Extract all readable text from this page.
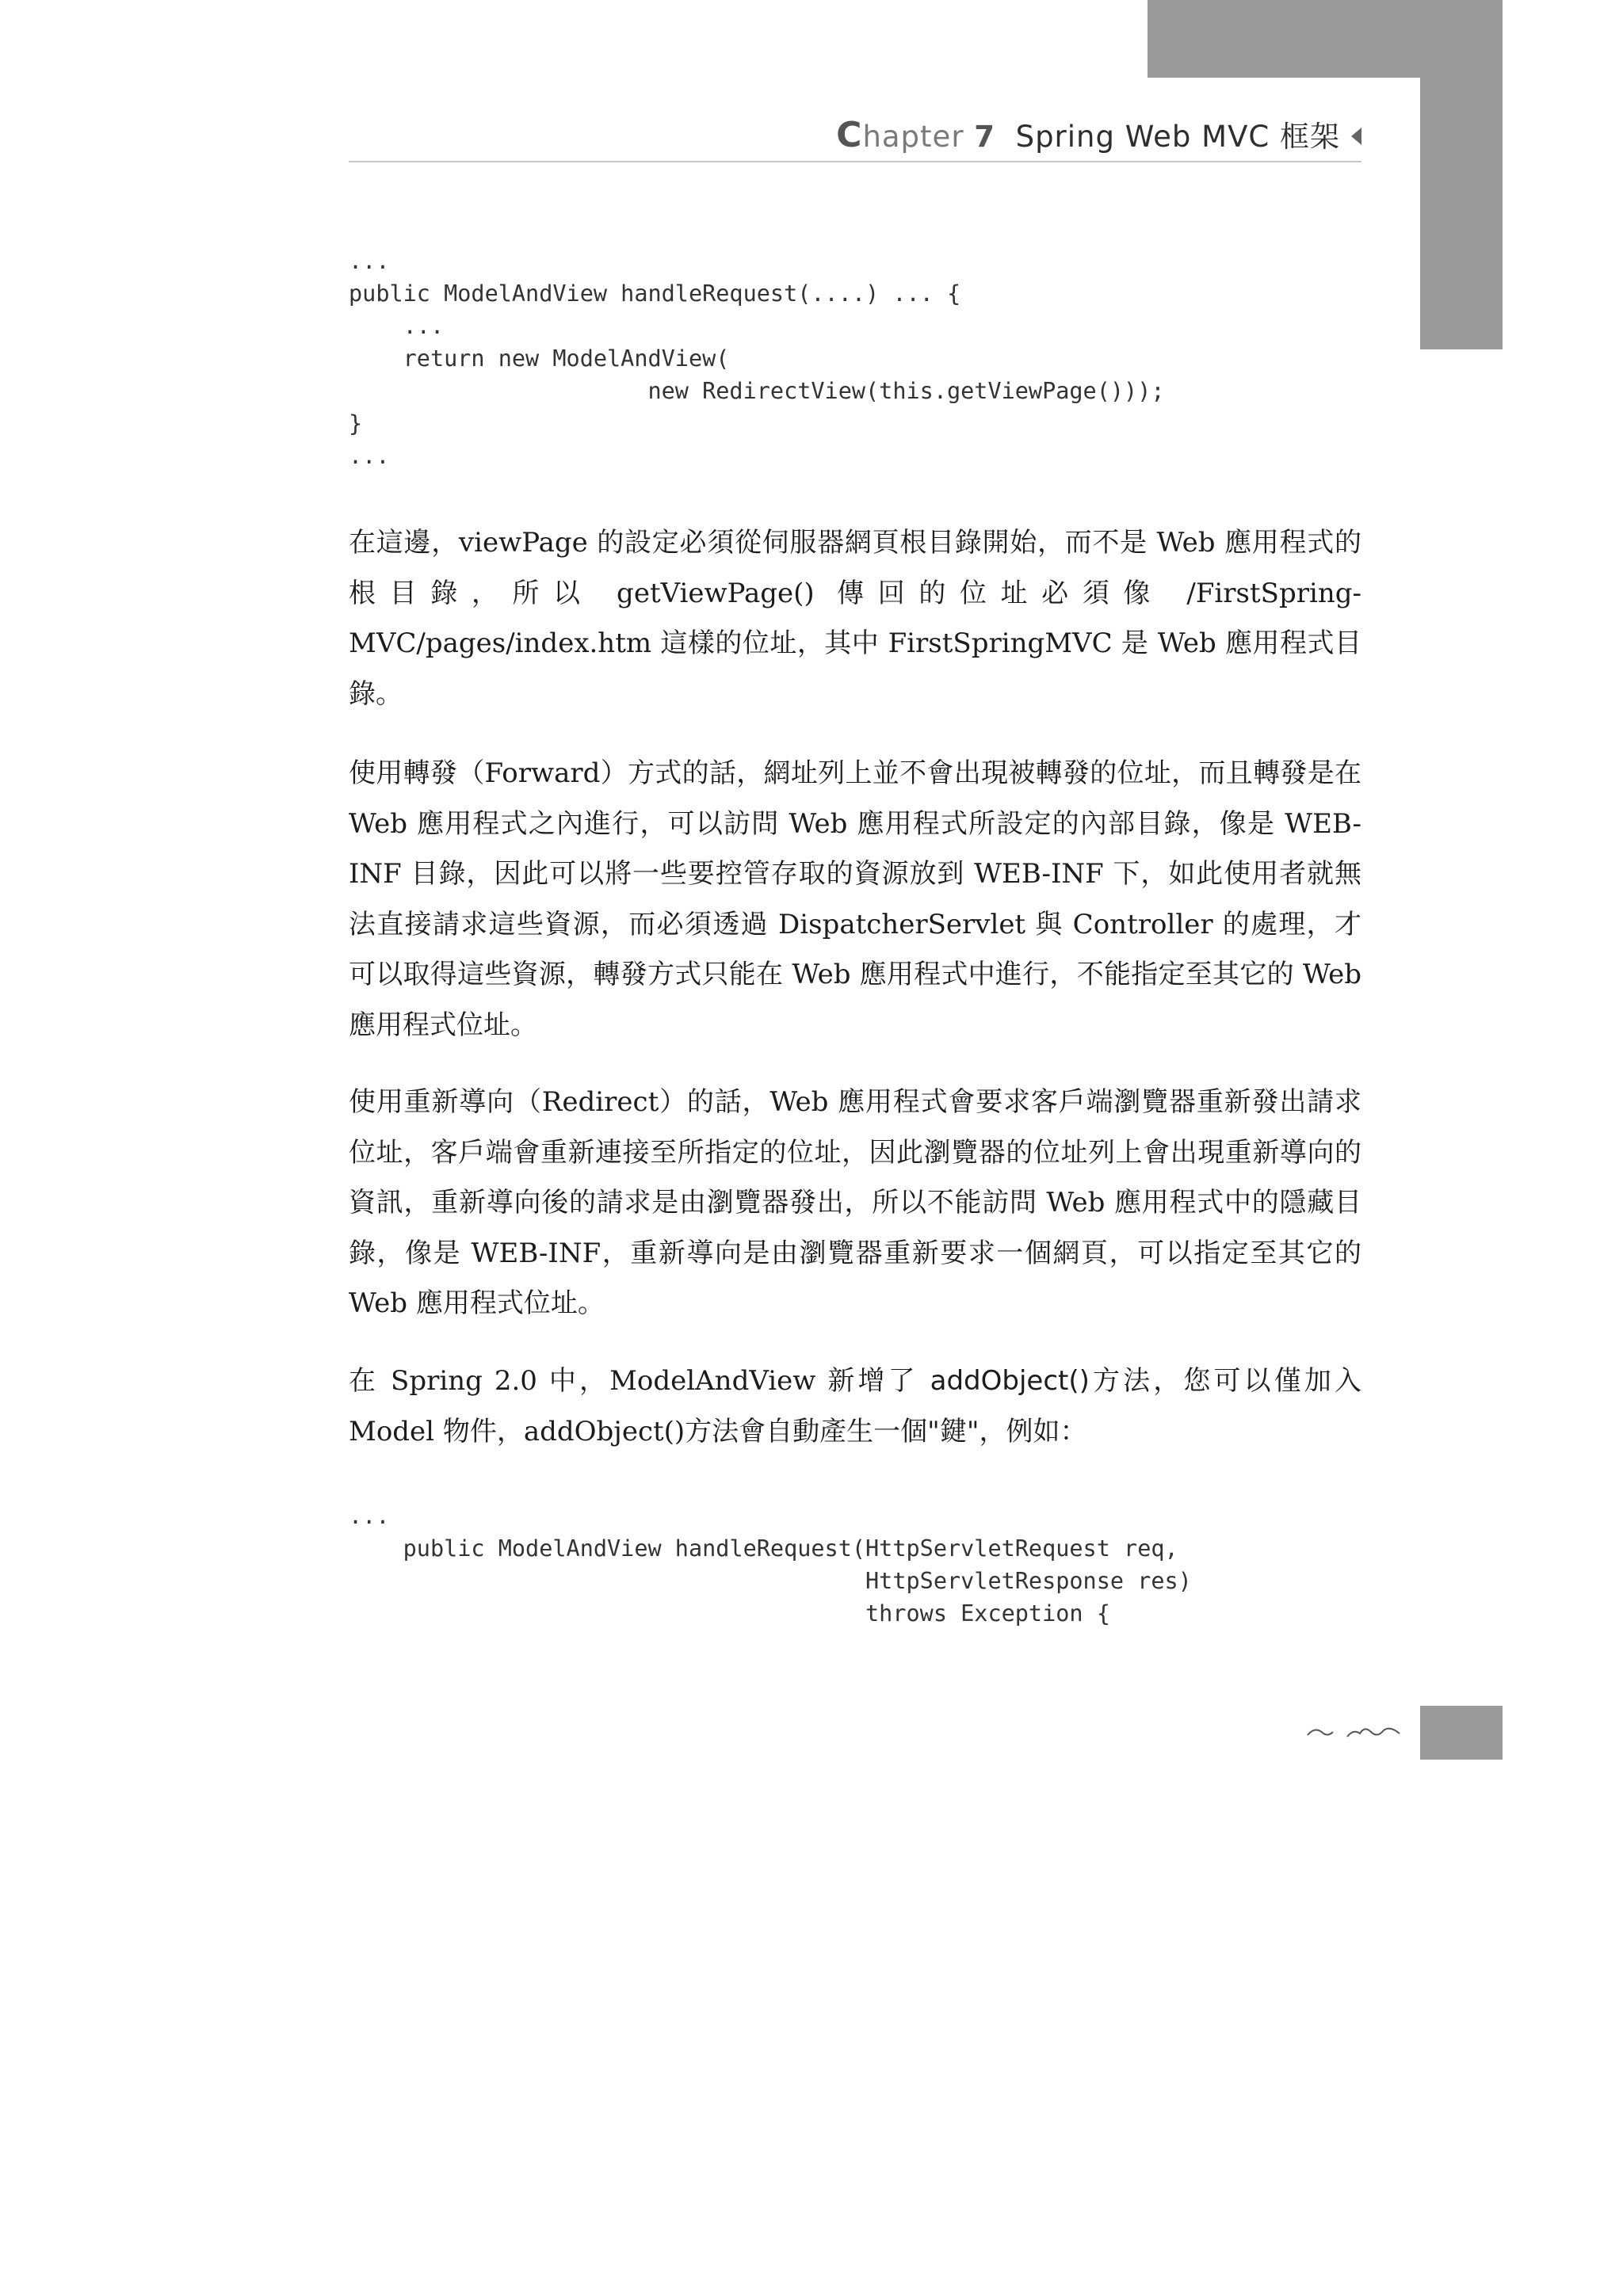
Chapter 7 Spring Web MVC 框架
...
public ModelAndView handleRequest(....) ... {
...
return new ModelAndView(
new RedirectView(this.getViewPage()));
}
...

在這邊，viewPage 的設定必須從伺服器網頁根目錄開始，而不是 Web 應用程式的根目錄，所以 getViewPage() 傳回的位址必須像 /FirstSpring-MVC/pages/index.htm 這樣的位址，其中 FirstSpringMVC 是 Web 應用程式目錄。

使用轉發（Forward）方式的話，網址列上並不會出現被轉發的位址，而且轉發是在 Web 應用程式之內進行，可以訪問 Web 應用程式所設定的內部目錄，像是 WEB-INF 目錄，因此可以將一些要控管存取的資源放到 WEB-INF 下，如此使用者就無法直接請求這些資源，而必須透過 DispatcherServlet 與 Controller 的處理，才可以取得這些資源，轉發方式只能在 Web 應用程式中進行，不能指定至其它的 Web 應用程式位址。

使用重新導向（Redirect）的話，Web 應用程式會要求客戶端瀏覽器重新發出請求位址，客戶端會重新連接至所指定的位址，因此瀏覽器的位址列上會出現重新導向的資訊，重新導向後的請求是由瀏覽器發出，所以不能訪問 Web 應用程式中的隱藏目錄，像是 WEB-INF，重新導向是由瀏覽器重新要求一個網頁，可以指定至其它的 Web 應用程式位址。

在 Spring 2.0 中，ModelAndView 新增了 addObject()方法，您可以僅加入 Model 物件，addObject()方法會自動產生一個"鍵"，例如：

...
public ModelAndView handleRequest(HttpServletRequest req,
HttpServletResponse res)
throws Exception {
